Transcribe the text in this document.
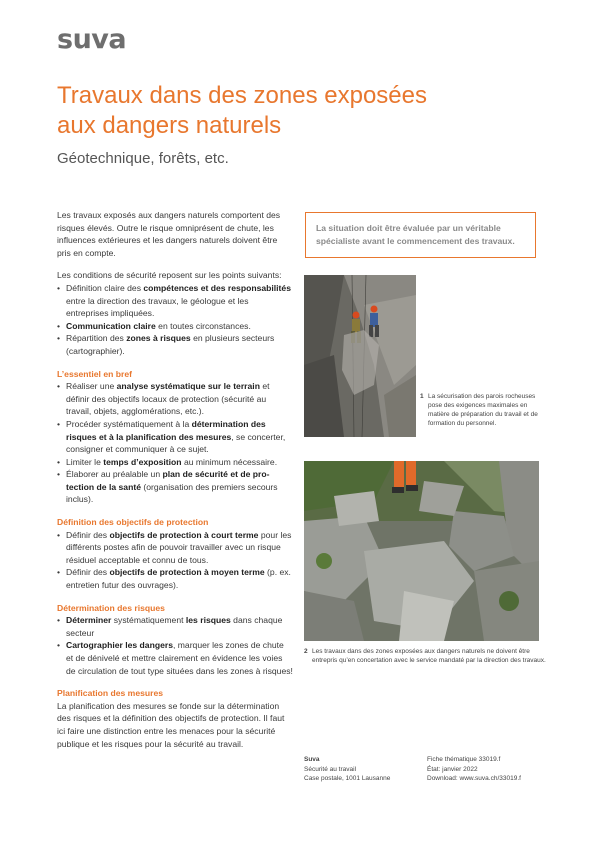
suva
Travaux dans des zones exposées
aux dangers naturels
Géotechnique, forêts, etc.

Les travaux exposés aux dangers naturels comportent des risques élevés. Outre le risque omniprésent de chute, les influences extérieures et les dangers naturels doivent être pris en compte.

Les conditions de sécurité reposent sur les points suivants:
• Définition claire des compétences et des responsabilités entre la direction des travaux, le géologue et les entreprises impliquées.
• Communication claire en toutes circonstances.
• Répartition des zones à risques en plusieurs secteurs (cartographier).
L’essentiel en bref
• Réaliser une analyse systématique sur le terrain et définir des objectifs locaux de protection (sécurité au travail, objets, agglomérations, etc.).
• Procéder systématiquement à la détermination des risques et à la planification des mesures, se concerter, consigner et communiquer à ce sujet.
• Limiter le temps d’exposition au minimum nécessaire.
• Élaborer au préalable un plan de sécurité et de protection de la santé (organisation des premiers secours inclus).
Définition des objectifs de protection
• Définir des objectifs de protection à court terme pour les différents postes afin de pouvoir travailler avec un risque résiduel acceptable et connu de tous.
• Définir des objectifs de protection à moyen terme (p. ex. entretien futur des ouvrages).
Détermination des risques
• Déterminer systématiquement les risques dans chaque secteur
• Cartographier les dangers, marquer les zones de chute et de dénivelé et mettre clairement en évidence les voies de circulation de tout type situées dans les zones à risques!
Planification des mesures

La planification des mesures se fonde sur la détermination des risques et la définition des objectifs de protection. Il faut ici faire une distinction entre les menaces pour la sécurité publique et les risques pour la sécurité au travail.

La situation doit être évaluée par un véritable spécialiste avant le commencement des travaux.
1 La sécurisation des parois rocheuses pose des exigences maximales en matière de préparation du travail et de formation du personnel.
2 Les travaux dans des zones exposées aux dangers naturels ne doivent être entrepris qu’en concertation avec le service mandaté par la direction des travaux.
Suva
Sécurité au travail
Case postale, 1001 Lausanne
Fiche thématique 33019.f
État: janvier 2022
Download: www.suva.ch/33019.f
